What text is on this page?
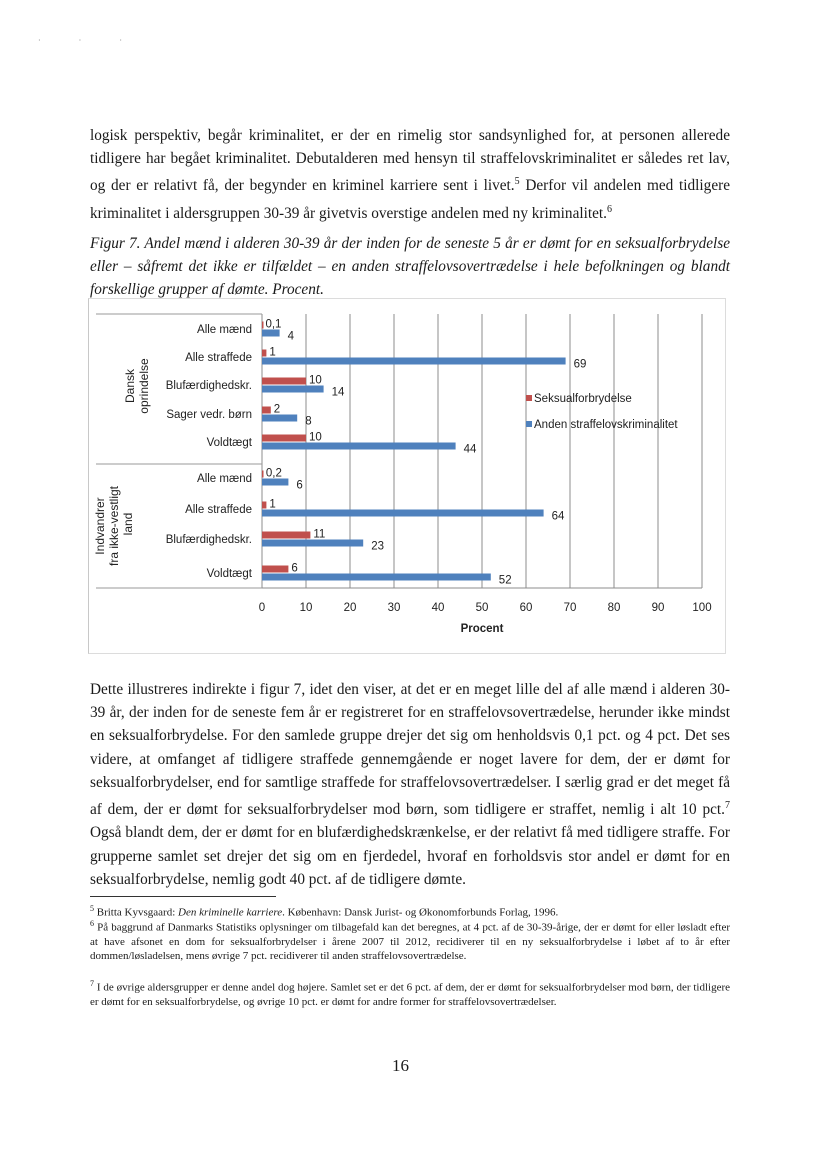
· · ·

logisk perspektiv, begår kriminalitet, er der en rimelig stor sandsynlighed for, at personen allerede tidligere har begået kriminalitet. Debutalderen med hensyn til straffelovskriminalitet er således ret lav, og der er relativt få, der begynder en kriminel karriere sent i livet.$^5$ Derfor vil andelen med tidligere kriminalitet i aldersgruppen 30-39 år givetvis overstige andelen med ny kriminalitet.$^6$

Figur 7. Andel mænd i alderen 30-39 år der inden for de seneste 5 år er dømt for en seksualforbrydelse eller – såfremt det ikke er tilfældet – en anden straffelovsovertrædelse i hele befolkningen og blandt forskellige grupper af dømte. Procent.

0	10	20	30	40	50	60	70	80	90 100
Procent
Alle mænd
Alle straffede
Blufærdighedskr.
Sager vedr. børn
Voldtægt
Alle mænd
Alle straffede
Blufærdighedskr.
Voldtægt
Dansk oprindelse
Indvandrer fra ikke-vestligt land
0,1
4
1
69
10
14
2
8
10
44
0,2
6
1
64
11
23
6
52
Seksualforbrydelse
Anden straffelovskriminalitet

Dette illustreres indirekte i figur 7, idet den viser, at det er en meget lille del af alle mænd i alderen 30-39 år, der inden for de seneste fem år er registreret for en straffelovsovertrædelse, herunder ikke mindst en seksualforbrydelse. For den samlede gruppe drejer det sig om henholdsvis 0,1 pct. og 4 pct. Det ses videre, at omfanget af tidligere straffede gennemgående er noget lavere for dem, der er dømt for seksualforbrydelser, end for samtlige straffede for straffelovsovertrædelser. I særlig grad er det meget få af dem, der er dømt for seksualforbrydelser mod børn, som tidligere er straffet, nemlig i alt 10 pct.$^7$ Også blandt dem, der er dømt for en blufærdighedskrænkelse, er der relativt få med tidligere straffe. For grupperne samlet set drejer det sig om en fjerdedel, hvoraf en forholdsvis stor andel er dømt for en seksualforbrydelse, nemlig godt 40 pct. af de tidligere dømte.

$^5$ Britta Kyvsgaard: Den kriminelle karriere. København: Dansk Jurist- og Økonomforbunds Forlag, 1996.

$^6$ På baggrund af Danmarks Statistiks oplysninger om tilbagefald kan det beregnes, at 4 pct. af de 30-39-årige, der er dømt for eller løsladt efter at have afsonet en dom for seksualforbrydelser i årene 2007 til 2012, recidiverer til en ny seksualforbrydelse i løbet af to år efter dommen/løsladelsen, mens øvrige 7 pct. recidiverer til anden straffelovsovertrædelse.

$^7$ I de øvrige aldersgrupper er denne andel dog højere. Samlet set er det 6 pct. af dem, der er dømt for seksualforbrydelser mod børn, der tidligere er dømt for en seksualforbrydelse, og øvrige 10 pct. er dømt for andre former for straffelovsovertrædelser.

16
